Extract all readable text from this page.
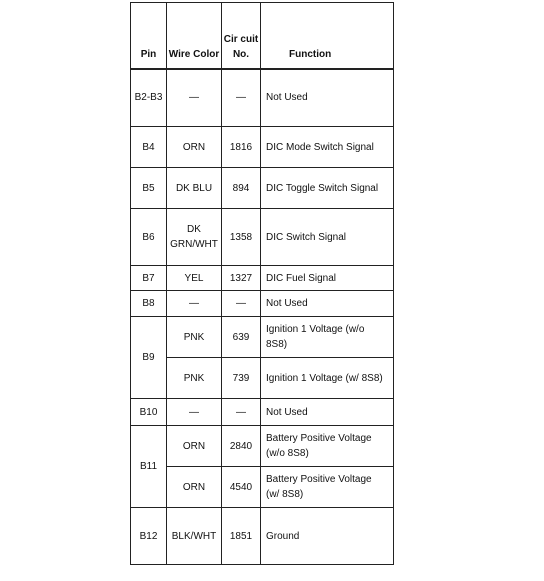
Pin	Wire Color	Cir cuit No.	Function
B2-B3	—	—	Not Used
B4	ORN	1816	DIC Mode Switch Signal
B5	DK BLU	894	DIC Toggle Switch Signal
B6	DK GRN/WHT	1358	DIC Switch Signal
B7	YEL	1327	DIC Fuel Signal
B8	—	—	Not Used
B9	PNK	639	Ignition 1 Voltage (w/o 8S8)
	PNK	739	Ignition 1 Voltage (w/ 8S8)
B10	—	—	Not Used
B11	ORN	2840	Battery Positive Voltage (w/o 8S8)
	ORN	4540	Battery Positive Voltage (w/ 8S8)
B12	BLK/WHT	1851	Ground
